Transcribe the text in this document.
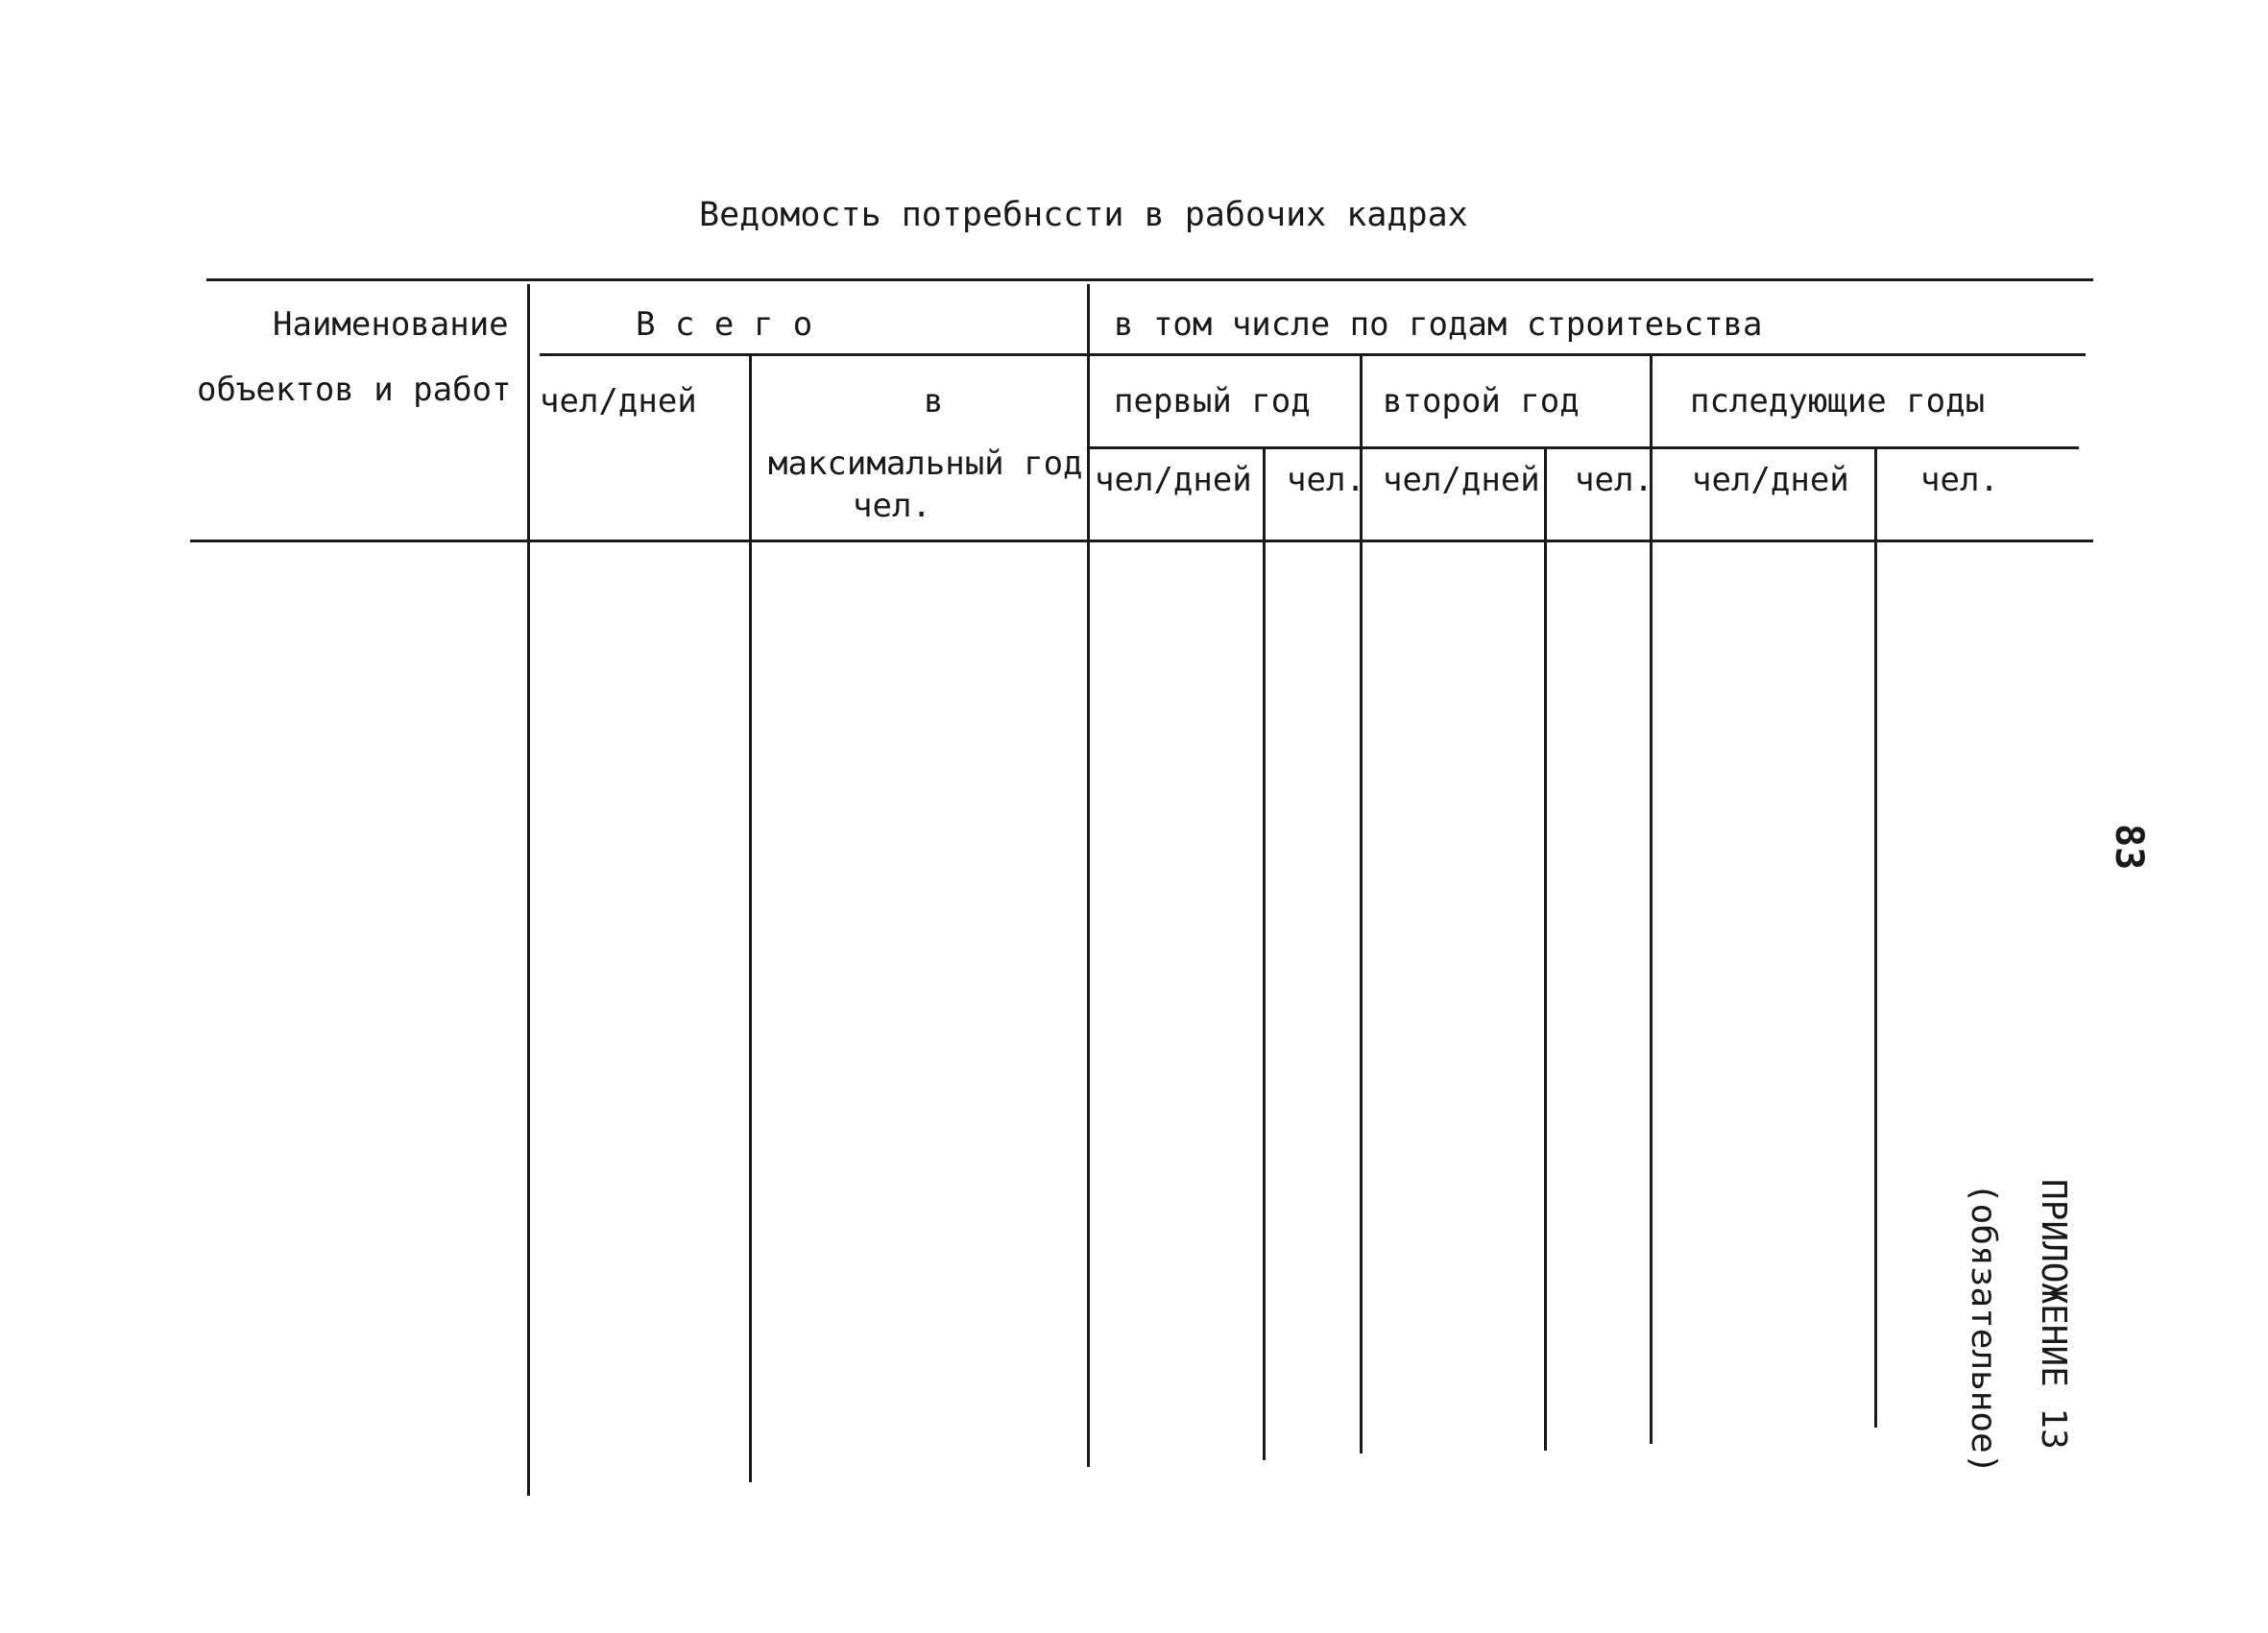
Ведомость потребнссти в рабочих кадрах
Наименование
объектов и работ
В с е г о
чел/дней	в
максимальный год
чел.
в том числе по годам строитеьства
первый год второй год	пследующие годы
чел/дней чел. чел/дней чел. чел/дней чел.
83
ПРИЛОЖЕНИЕ 13
(обязательное)
